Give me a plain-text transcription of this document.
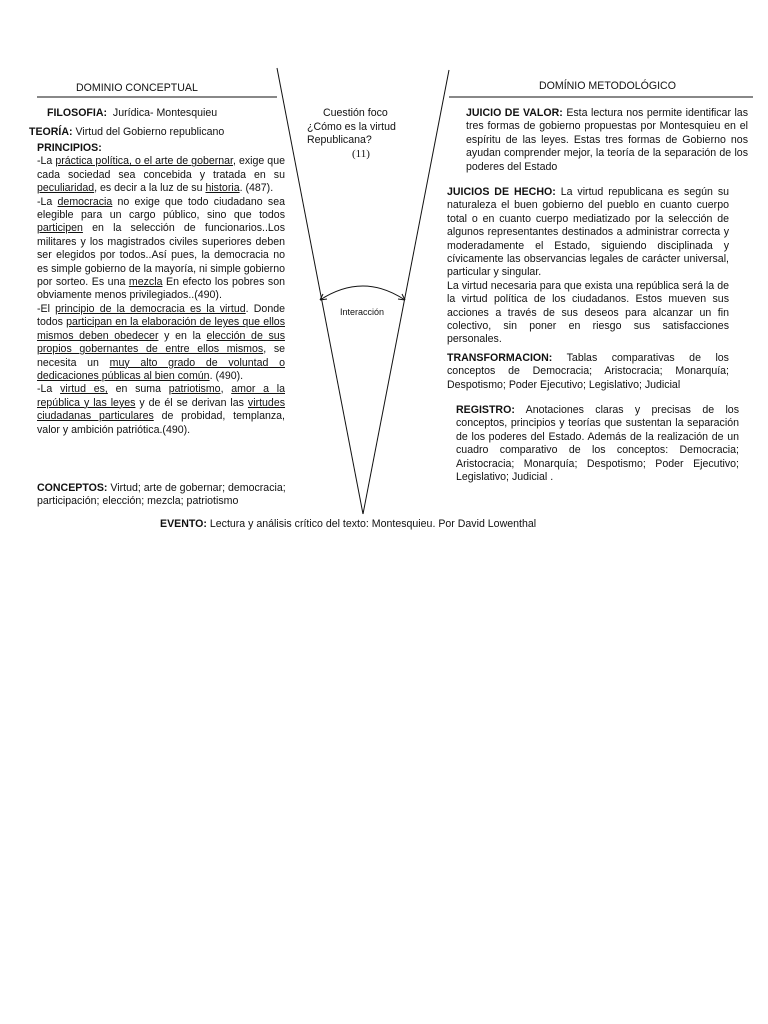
DOMINIO CONCEPTUAL	DOMÍNIO METODOLÓGICO
FILOSOFIA: Jurídica- Montesquieu
TEORÍA: Virtud del Gobierno republicano
PRINCIPIOS:
-La práctica política, o el arte de gobernar, exige que cada sociedad sea concebida y tratada en su peculiaridad, es decir a la luz de su historia. (487).
-La democracia no exige que todo ciudadano sea elegible para un cargo público, sino que todos participen en la selección de funcionarios..Los militares y los magistrados civiles superiores deben ser elegidos por todos..Así pues, la democracia no es simple gobierno de la mayoría, ni simple gobierno por sorteo. Es una mezcla En efecto los pobres son obviamente menos privilegiados..(490).
-El principio de la democracia es la virtud. Donde todos participan en la elaboración de leyes que ellos mismos deben obedecer y en la elección de sus propios gobernantes de entre ellos mismos, se necesita un muy alto grado de voluntad o dedicaciones públicas al bien común. (490).
-La virtud es, en suma patriotismo, amor a la república y las leyes y de él se derivan las virtudes ciudadanas particulares de probidad, templanza, valor y ambición patriótica.(490).
CONCEPTOS: Virtud; arte de gobernar; democracia; participación; elección; mezcla; patriotismo
Cuestión foco
¿Cómo es la virtud Republicana?
(11)
Interacción
JUICIO DE VALOR: Esta lectura nos permite identificar las tres formas de gobierno propuestas por Montesquieu en el espíritu de las leyes. Estas tres formas de Gobierno nos ayudan comprender mejor, la teoría de la separación de los poderes del Estado
JUICIOS DE HECHO: La virtud republicana es según su naturaleza el buen gobierno del pueblo en cuanto cuerpo total o en cuanto cuerpo mediatizado por la selección de algunos representantes destinados a administrar correcta y moderadamente el Estado, siguiendo disciplinada y cívicamente las observancias legales de carácter universal, particular y singular.
La virtud necesaria para que exista una república será la de la virtud política de los ciudadanos. Estos mueven sus acciones a través de sus deseos para alcanzar un fin colectivo, sin poner en riesgo sus satisfacciones personales.
TRANSFORMACION: Tablas comparativas de los conceptos de Democracia; Aristocracia; Monarquía; Despotismo; Poder Ejecutivo; Legislativo; Judicial
REGISTRO: Anotaciones claras y precisas de los conceptos, principios y teorías que sustentan la separación de los poderes del Estado. Además de la realización de un cuadro comparativo de los conceptos: Democracia; Aristocracia; Monarquía; Despotismo; Poder Ejecutivo; Legislativo; Judicial .
EVENTO: Lectura y análisis crítico del texto: Montesquieu. Por David Lowenthal
